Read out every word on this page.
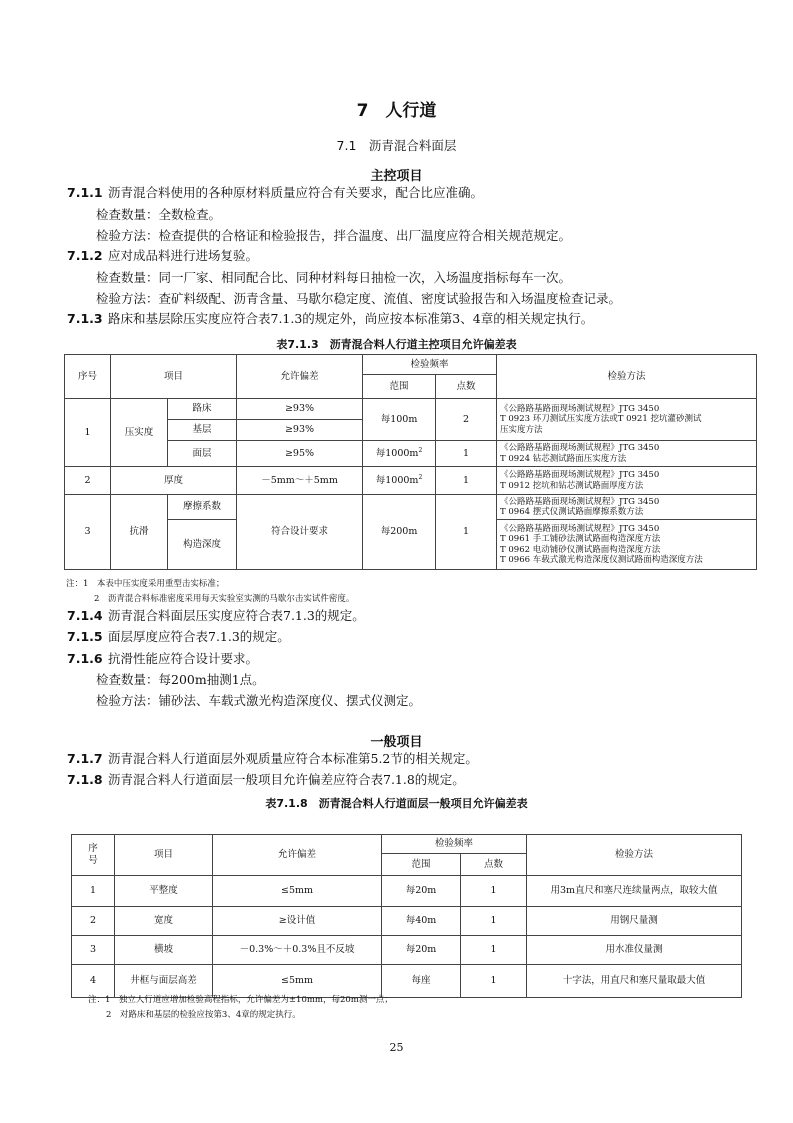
7　人行道
7.1　沥青混合料面层
主控项目
7.1.1 沥青混合料使用的各种原材料质量应符合有关要求，配合比应准确。
检查数量：全数检查。
检验方法：检查提供的合格证和检验报告，拌合温度、出厂温度应符合相关规范规定。
7.1.2 应对成品料进行进场复验。
检查数量：同一厂家、相同配合比、同种材料每日抽检一次，入场温度指标每车一次。
检验方法：查矿料级配、沥青含量、马歇尔稳定度、流值、密度试验报告和入场温度检查记录。
7.1.3 路床和基层除压实度应符合表7.1.3的规定外，尚应按本标准第3、4章的相关规定执行。
表7.1.3　沥青混合料人行道主控项目允许偏差表
序号	项目		允许偏差	检验频率		检验方法
				范围	点数	
1	压实度	路床	≥93%	每100m	2	《公路路基路面现场测试规程》JTG 3450
T 0923 环刀测试压实度方法或T 0921 挖坑灌砂测试
压实度方法

		基层	≥93%			
		面层	≥95%	每$1000m^2$	1	《公路路基路面现场测试规程》JTG 3450
T 0924 钻芯测试路面压实度方法

2	厚度		－5mm～＋5mm	每$1000m^2$	1	《公路路基路面现场测试规程》JTG 3450
T 0912 挖坑和钻芯测试路面厚度方法

3	抗滑	摩擦系数	符合设计要求	每200m	1	《公路路基路面现场测试规程》JTG 3450
T 0964 摆式仪测试路面摩擦系数方法

		构造深度				《公路路基路面现场测试规程》JTG 3450
T 0961 手工铺砂法测试路面构造深度方法
T 0962 电动铺砂仪测试路面构造深度方法
T 0966 车载式激光构造深度仪测试路面构造深度方法
注：1　本表中压实度采用重型击实标准；
2　沥青混合料标准密度采用每天实验室实测的马歇尔击实试件密度。
7.1.4 沥青混合料面层压实度应符合表7.1.3的规定。
7.1.5 面层厚度应符合表7.1.3的规定。
7.1.6 抗滑性能应符合设计要求。
检查数量：每200m抽测1点。
检验方法：铺砂法、车载式激光构造深度仪、摆式仪测定。
一般项目
7.1.7 沥青混合料人行道面层外观质量应符合本标准第5.2节的相关规定。
7.1.8 沥青混合料人行道面层一般项目允许偏差应符合表7.1.8的规定。
表7.1.8　沥青混合料人行道面层一般项目允许偏差表
序
号	项目	允许偏差	检验频率		检验方法
			范围	点数	
1	平整度	≤5mm	每20m	1	用3m直尺和塞尺连续量两点，取较大值
2	宽度	≥设计值	每40m	1	用钢尺量测
3	横坡	－0.3%～＋0.3%且不反坡	每20m	1	用水准仪量测
4	井框与面层高差	≤5mm	每座	1	十字法，用直尺和塞尺量取最大值
注：1　独立人行道应增加检验高程指标，允许偏差为±10mm，每20m测一点；
2　对路床和基层的检验应按第3、4章的规定执行。
25
